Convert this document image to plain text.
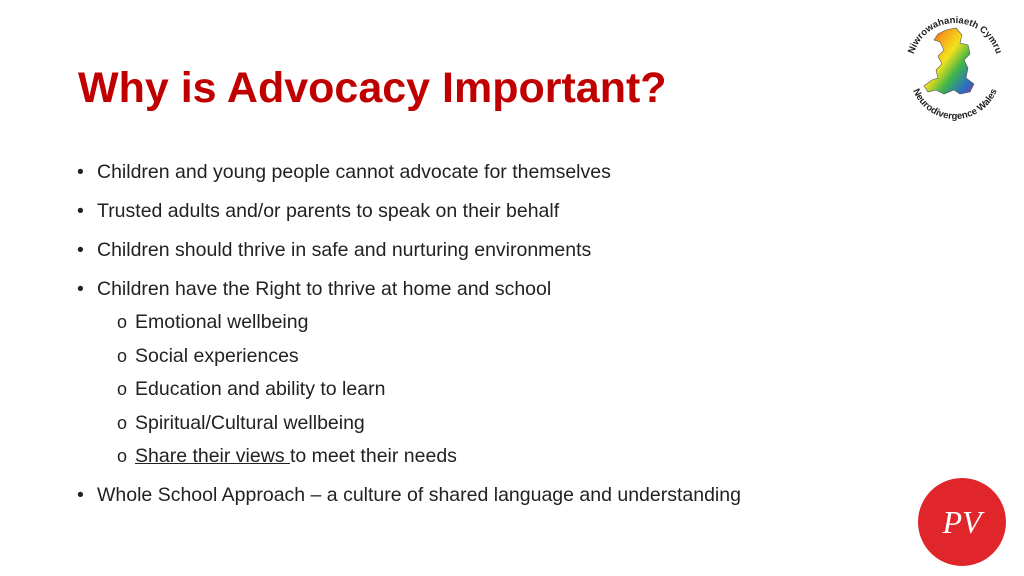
Why is Advocacy Important?
• Children and young people cannot advocate for themselves
• Trusted adults and/or parents to speak on their behalf
• Children should thrive in safe and nurturing environments
• Children have the Right to thrive at home and school
o Emotional wellbeing
o Social experiences
o Education and ability to learn
o Spiritual/Cultural wellbeing
o Share their views to meet their needs
• Whole School Approach – a culture of shared language and understanding
Niwrowahaniaeth Cymru
Neurodivergence Wales
PV
